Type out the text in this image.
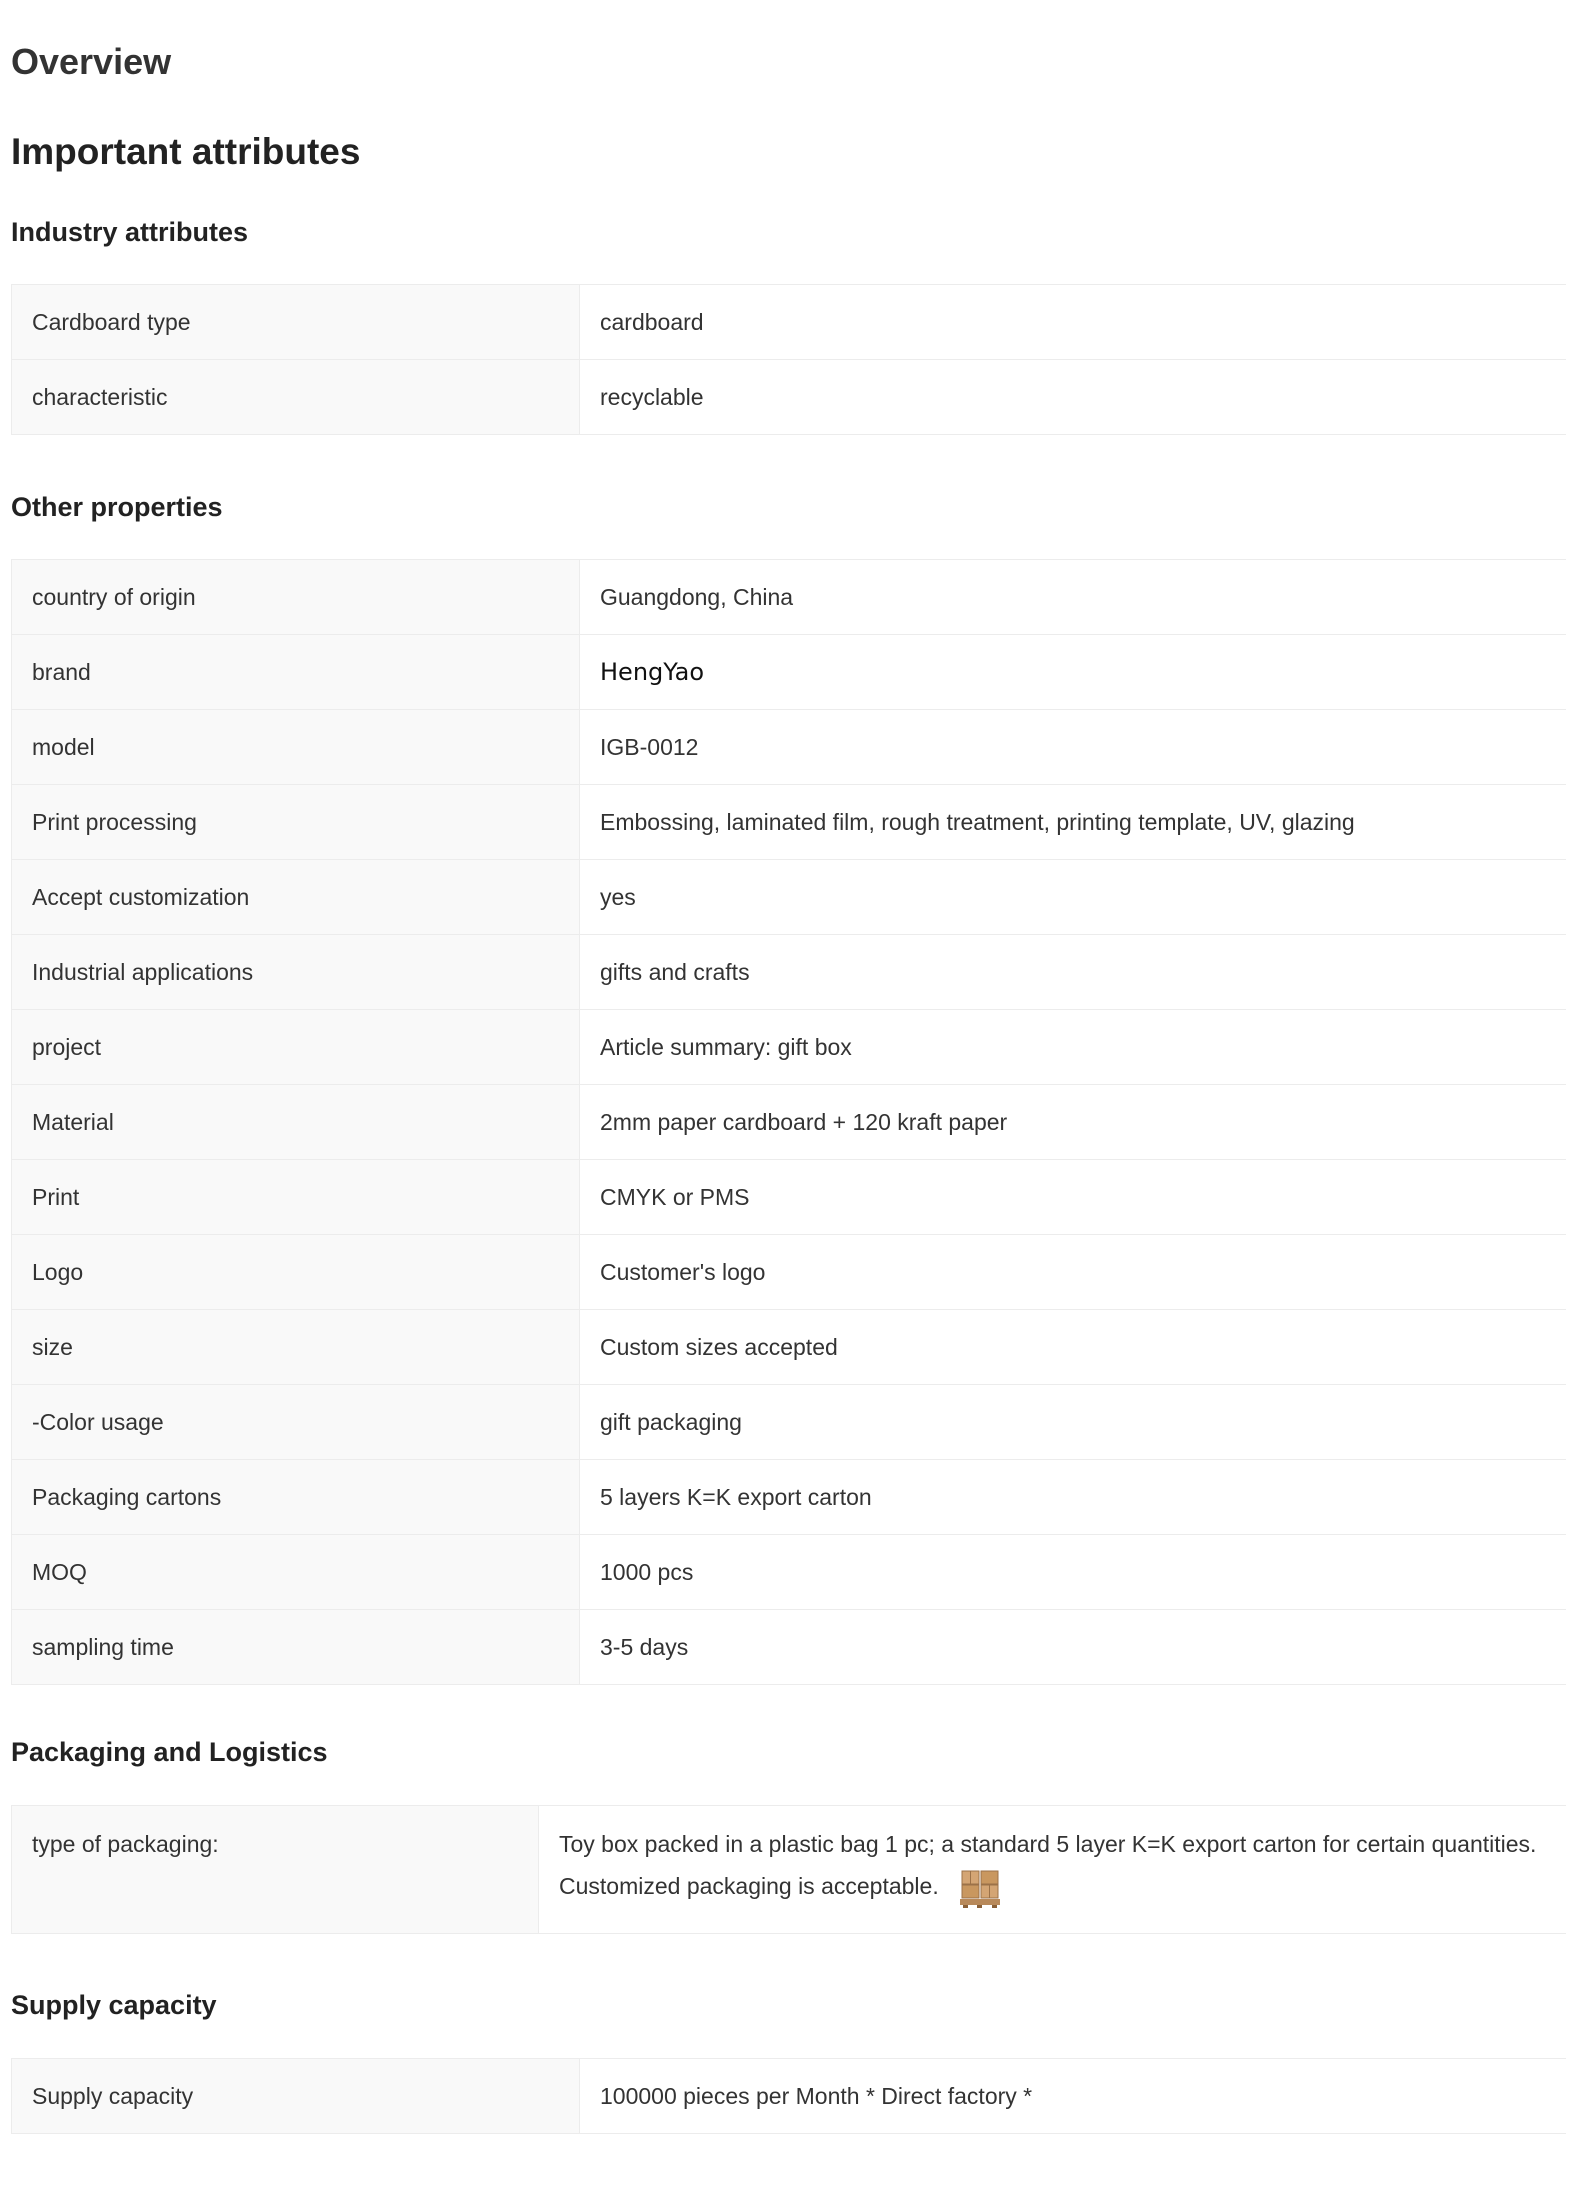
Overview
Important attributes
Industry attributes
Cardboard type	cardboard
characteristic	recyclable
Other properties
country of origin	Guangdong, China
brand	HengYao
model	IGB-0012
Print processing	Embossing, laminated film, rough treatment, printing template, UV, glazing
Accept customization	yes
Industrial applications	gifts and crafts
project	Article summary: gift box
Material	2mm paper cardboard + 120 kraft paper
Print	CMYK or PMS
Logo	Customer's logo
size	Custom sizes accepted
-Color usage	gift packaging
Packaging cartons	5 layers K=K export carton
MOQ	1000 pcs
sampling time	3-5 days
Packaging and Logistics
type of packaging:	Toy box packed in a plastic bag 1 pc; a standard 5 layer K=K export carton for certain quantities. Customized packaging is acceptable.
Supply capacity
Supply capacity	100000 pieces per Month * Direct factory *
